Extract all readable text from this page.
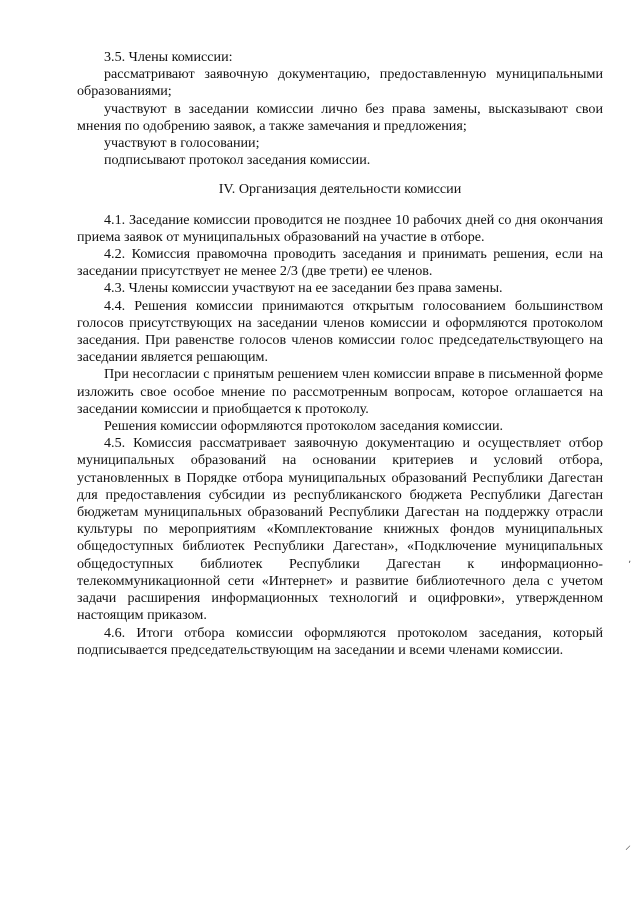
3.5. Члены комиссии:

рассматривают заявочную документацию, предоставленную муниципальными образованиями;

участвуют в заседании комиссии лично без права замены, высказывают свои мнения по одобрению заявок, а также замечания и предложения;

участвуют в голосовании;

подписывают протокол заседания комиссии.

IV. Организация деятельности комиссии

4.1. Заседание комиссии проводится не позднее 10 рабочих дней со дня окончания приема заявок от муниципальных образований на участие в отборе.

4.2. Комиссия правомочна проводить заседания и принимать решения, если на заседании присутствует не менее 2/3 (две трети) ее членов.

4.3. Члены комиссии участвуют на ее заседании без права замены.

4.4. Решения комиссии принимаются открытым голосованием большинством голосов присутствующих на заседании членов комиссии и оформляются протоколом заседания. При равенстве голосов членов комиссии голос председательствующего на заседании является решающим.

При несогласии с принятым решением член комиссии вправе в письменной форме изложить свое особое мнение по рассмотренным вопросам, которое оглашается на заседании комиссии и приобщается к протоколу.

Решения комиссии оформляются протоколом заседания комиссии.

4.5. Комиссия рассматривает заявочную документацию и осуществляет отбор муниципальных образований на основании критериев и условий отбора, установленных в Порядке отбора муниципальных образований Республики Дагестан для предоставления субсидии из республиканского бюджета Республики Дагестан бюджетам муниципальных образований Республики Дагестан на поддержку отрасли культуры по мероприятиям «Комплектование книжных фондов муниципальных общедоступных библиотек Республики Дагестан», «Подключение муниципальных общедоступных библиотек Республики Дагестан к информационно-телекоммуникационной сети «Интернет» и развитие библиотечного дела с учетом задачи расширения информационных технологий и оцифровки», утвержденном настоящим приказом.

4.6. Итоги отбора комиссии оформляются протоколом заседания, который подписывается председательствующим на заседании и всеми членами комиссии.

ʼ
⸝
